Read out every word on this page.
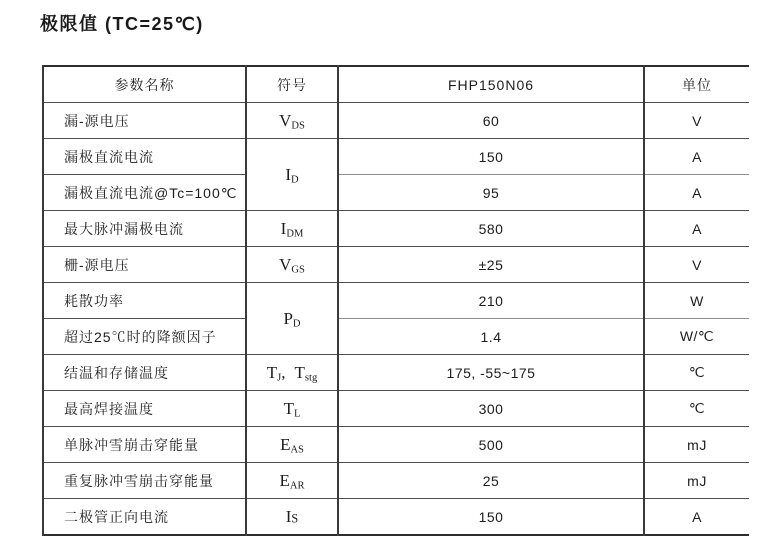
极限值 (TC=25℃)
参数名称	符号	FHP150N06	单位
漏-源电压	$V_{DS}$	60	V
漏极直流电流	$I_D$	150	A
漏极直流电流@Tc=100℃		95	A
最大脉冲漏极电流	$I_{DM}$	580	A
栅-源电压	$V_{GS}$	±25	V
耗散功率	$P_D$	210	W
超过25℃时的降额因子		1.4	W/℃
结温和存储温度	$T_J$, $T_{stg}$	175, -55~175	℃
最高焊接温度	$T_L$	300	℃
单脉冲雪崩击穿能量	$E_{AS}$	500	mJ
重复脉冲雪崩击穿能量	$E_{AR}$	25	mJ
二极管正向电流	$I_S$	150	A
